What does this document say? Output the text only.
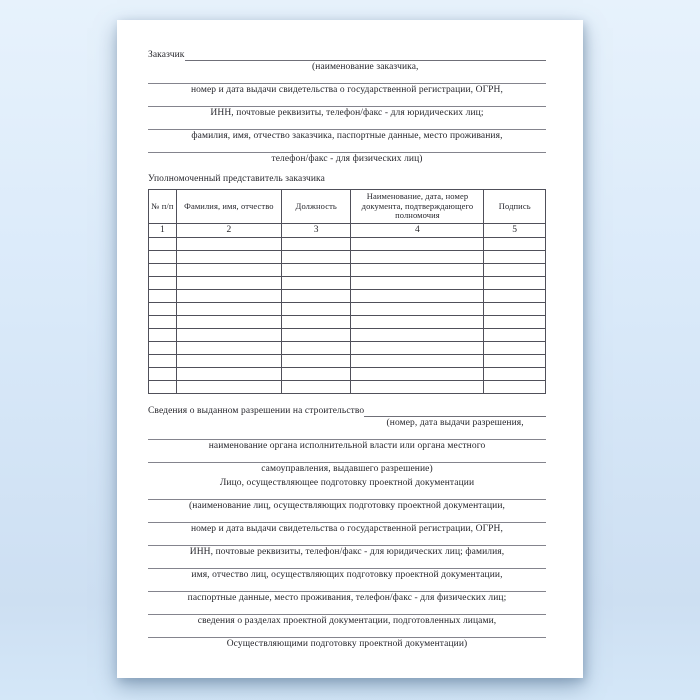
Заказчик
(наименование заказчика,
номер и дата выдачи свидетельства о государственной регистрации, ОГРН,
ИНН, почтовые реквизиты, телефон/факс - для юридических лиц;
фамилия, имя, отчество заказчика, паспортные данные, место проживания,
телефон/факс - для физических лиц)
Уполномоченный представитель заказчика
№ п/п	Фамилия, имя, отчество	Должность	Наименование, дата, номер документа, подтверждающего полномочия	Подпись
1	2	3	4	5

Сведения о выданном разрешении на строительство
(номер, дата выдачи разрешения,
наименование органа исполнительной власти или органа местного
самоуправления, выдавшего разрешение)
Лицо, осуществляющее подготовку проектной документации
(наименование лиц, осуществляющих подготовку проектной документации,
номер и дата выдачи свидетельства о государственной регистрации, ОГРН,
ИНН, почтовые реквизиты, телефон/факс - для юридических лиц; фамилия,
имя, отчество лиц, осуществляющих подготовку проектной документации,
паспортные данные, место проживания, телефон/факс - для физических лиц;
сведения о разделах проектной документации, подготовленных лицами,
Осуществляющими подготовку проектной документации)
